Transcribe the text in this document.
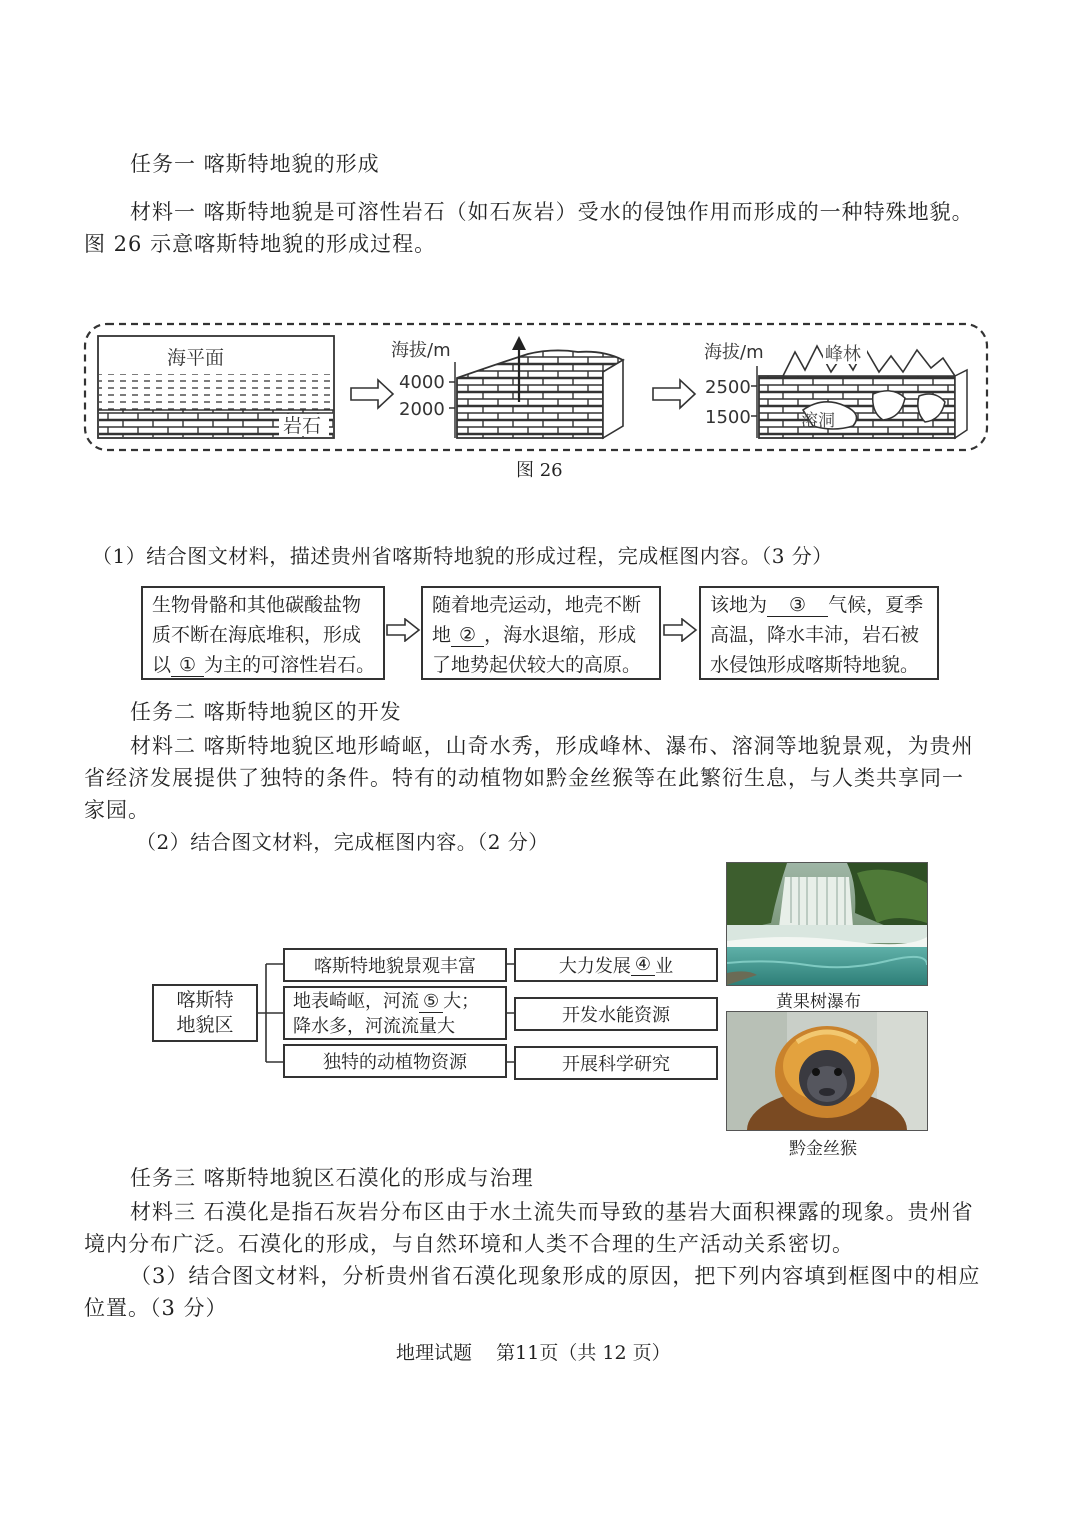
任务一 喀斯特地貌的形成
材料一 喀斯特地貌是可溶性岩石（如石灰岩）受水的侵蚀作用而形成的一种特殊地貌。
图 26 示意喀斯特地貌的形成过程。
海平面
岩石
海拔/m
4000
2000
海拔/m
2500
1500
峰林
溶洞
图 26
（1）结合图文材料，描述贵州省喀斯特地貌的形成过程，完成框图内容。（3 分）
生物骨骼和其他碳酸盐物
质不断在海底堆积，形成
以 ① 为主的可溶性岩石。
随着地壳运动，地壳不断
地 ② ，海水退缩，形成
了地势起伏较大的高原。
该地为 ③ 气候，夏季
高温，降水丰沛，岩石被
水侵蚀形成喀斯特地貌。
任务二 喀斯特地貌区的开发
材料二 喀斯特地貌区地形崎岖，山奇水秀，形成峰林、瀑布、溶洞等地貌景观，为贵州
省经济发展提供了独特的条件。特有的动植物如黔金丝猴等在此繁衍生息，与人类共享同一
家园。
（2）结合图文材料，完成框图内容。（2 分）
喀斯特
地貌区
喀斯特地貌景观丰富
地表崎岖，河流 ⑤ 大；
降水多，河流流量大
独特的动植物资源
大力发展 ④ 业
开发水能资源
开展科学研究
黄果树瀑布
黔金丝猴
任务三 喀斯特地貌区石漠化的形成与治理
材料三 石漠化是指石灰岩分布区由于水土流失而导致的基岩大面积裸露的现象。贵州省
境内分布广泛。石漠化的形成，与自然环境和人类不合理的生产活动关系密切。
（3）结合图文材料，分析贵州省石漠化现象形成的原因，把下列内容填到框图中的相应
位置。（3 分）
地理试题    第11页（共 12 页）
